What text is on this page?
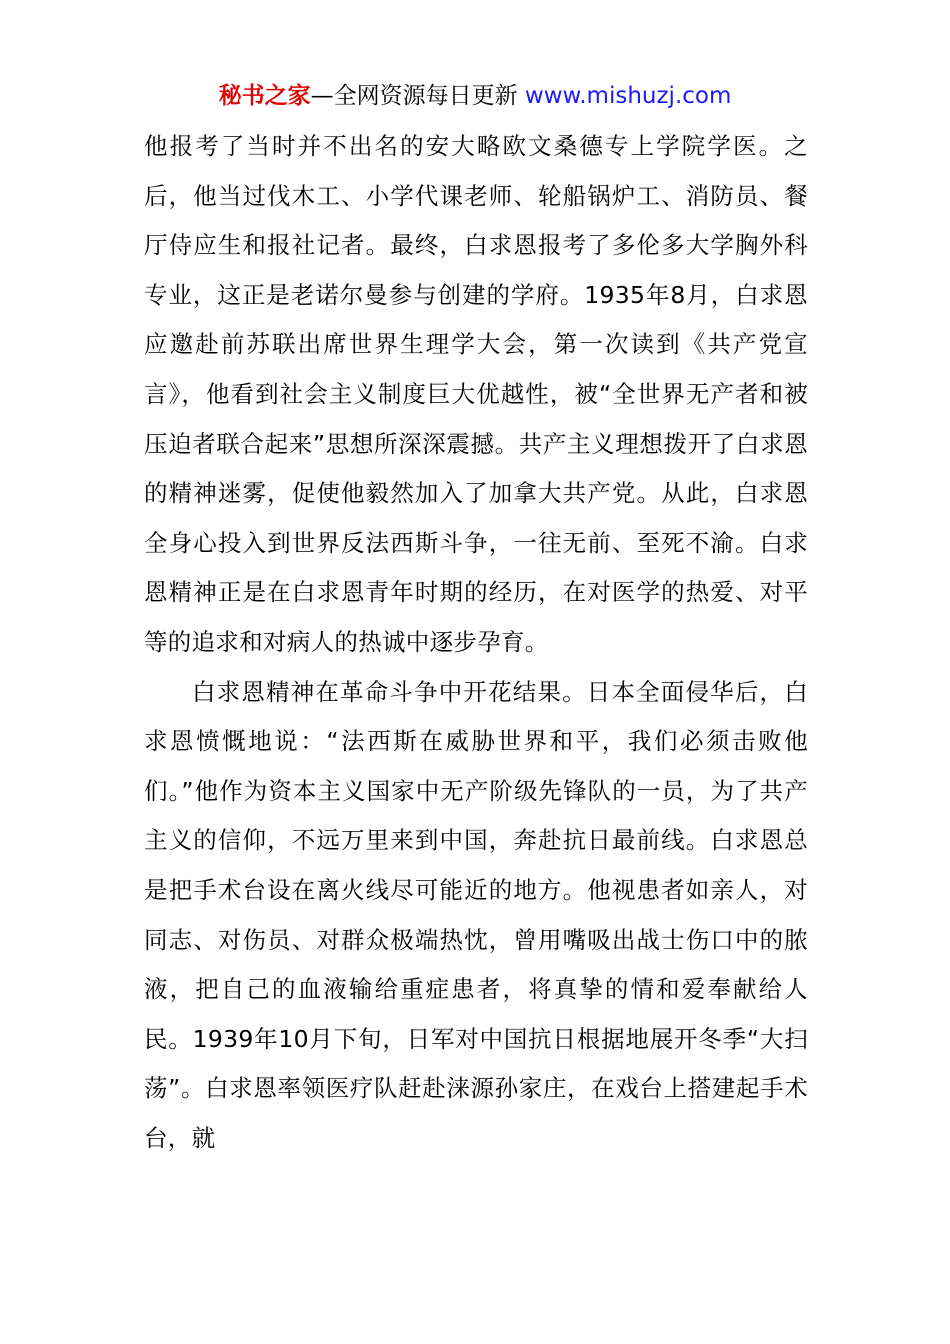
秘书之家—全网资源每日更新 www.mishuzj.com

他报考了当时并不出名的安大略欧文桑德专上学院学医。之后，他当过伐木工、小学代课老师、轮船锅炉工、消防员、餐厅侍应生和报社记者。最终，白求恩报考了多伦多大学胸外科专业，这正是老诺尔曼参与创建的学府。1935年8月，白求恩应邀赴前苏联出席世界生理学大会，第一次读到《共产党宣言》，他看到社会主义制度巨大优越性，被“全世界无产者和被压迫者联合起来”思想所深深震撼。共产主义理想拨开了白求恩的精神迷雾，促使他毅然加入了加拿大共产党。从此，白求恩全身心投入到世界反法西斯斗争，一往无前、至死不渝。白求恩精神正是在白求恩青年时期的经历，在对医学的热爱、对平等的追求和对病人的热诚中逐步孕育。

白求恩精神在革命斗争中开花结果。日本全面侵华后，白求恩愤慨地说：“法西斯在威胁世界和平，我们必须击败他们。”他作为资本主义国家中无产阶级先锋队的一员，为了共产主义的信仰，不远万里来到中国，奔赴抗日最前线。白求恩总是把手术台设在离火线尽可能近的地方。他视患者如亲人，对同志、对伤员、对群众极端热忱，曾用嘴吸出战士伤口中的脓液，把自己的血液输给重症患者，将真挚的情和爱奉献给人民。1939年10月下旬，日军对中国抗日根据地展开冬季“大扫荡”。白求恩率领医疗队赶赴涞源孙家庄，在戏台上搭建起手术台，就
